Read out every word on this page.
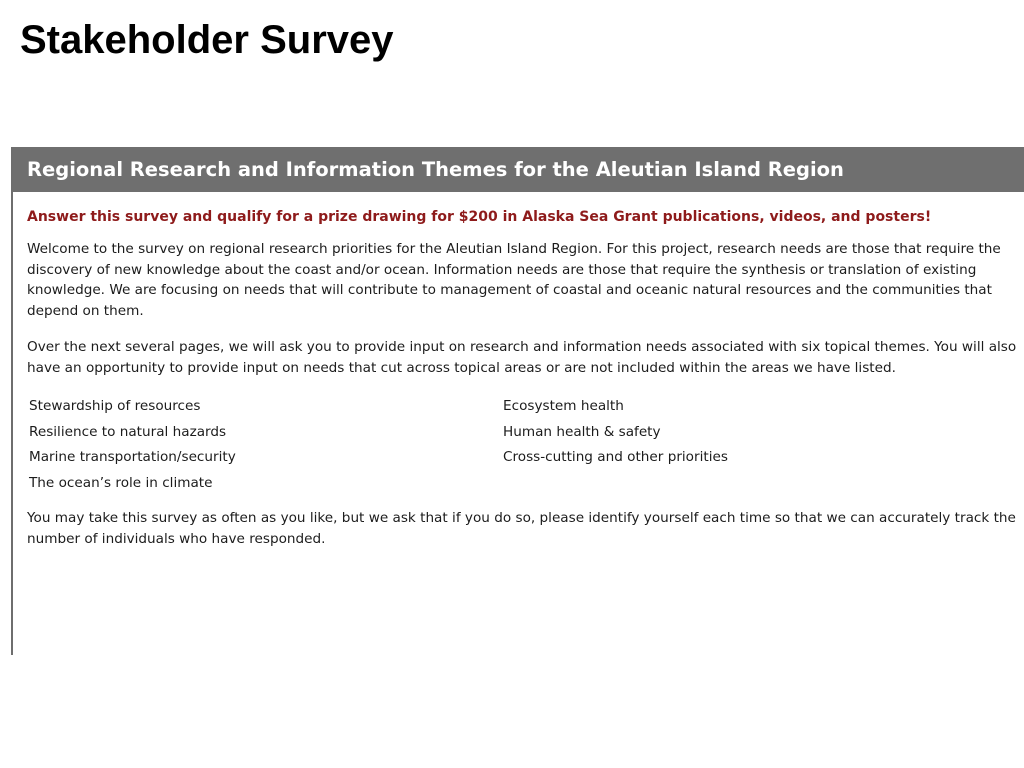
Stakeholder Survey
Regional Research and Information Themes for the Aleutian Island Region

Answer this survey and qualify for a prize drawing for $200 in Alaska Sea Grant publications, videos, and posters!

Welcome to the survey on regional research priorities for the Aleutian Island Region. For this project, research needs are those that require the discovery of new knowledge about the coast and/or ocean. Information needs are those that require the synthesis or translation of existing knowledge. We are focusing on needs that will contribute to management of coastal and oceanic natural resources and the communities that depend on them.

Over the next several pages, we will ask you to provide input on research and information needs associated with six topical themes. You will also have an opportunity to provide input on needs that cut across topical areas or are not included within the areas we have listed.

Stewardship of resources	Ecosystem health
Resilience to natural hazards	Human health & safety
Marine transportation/security	Cross-cutting and other priorities
The ocean’s role in climate

You may take this survey as often as you like, but we ask that if you do so, please identify yourself each time so that we can accurately track the number of individuals who have responded.
